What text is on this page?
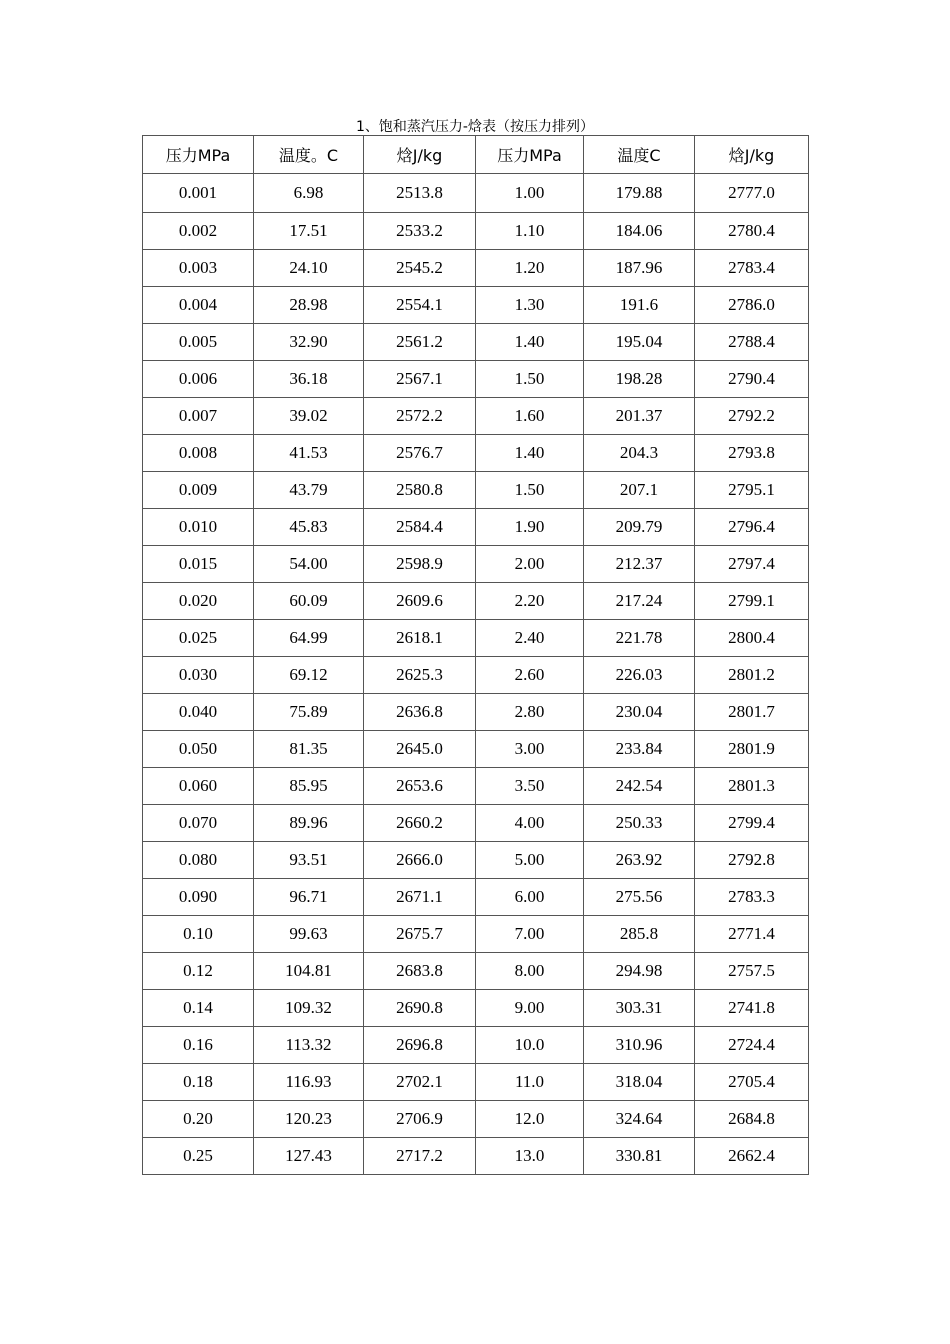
1、饱和蒸汽压力-焓表（按压力排列）
压力MPa	温度。C	焓J/kg	压力MPa	温度C	焓J/kg
0.001	6.98	2513.8	1.00	179.88	2777.0
0.002	17.51	2533.2	1.10	184.06	2780.4
0.003	24.10	2545.2	1.20	187.96	2783.4
0.004	28.98	2554.1	1.30	191.6	2786.0
0.005	32.90	2561.2	1.40	195.04	2788.4
0.006	36.18	2567.1	1.50	198.28	2790.4
0.007	39.02	2572.2	1.60	201.37	2792.2
0.008	41.53	2576.7	1.40	204.3	2793.8
0.009	43.79	2580.8	1.50	207.1	2795.1
0.010	45.83	2584.4	1.90	209.79	2796.4
0.015	54.00	2598.9	2.00	212.37	2797.4
0.020	60.09	2609.6	2.20	217.24	2799.1
0.025	64.99	2618.1	2.40	221.78	2800.4
0.030	69.12	2625.3	2.60	226.03	2801.2
0.040	75.89	2636.8	2.80	230.04	2801.7
0.050	81.35	2645.0	3.00	233.84	2801.9
0.060	85.95	2653.6	3.50	242.54	2801.3
0.070	89.96	2660.2	4.00	250.33	2799.4
0.080	93.51	2666.0	5.00	263.92	2792.8
0.090	96.71	2671.1	6.00	275.56	2783.3
0.10	99.63	2675.7	7.00	285.8	2771.4
0.12	104.81	2683.8	8.00	294.98	2757.5
0.14	109.32	2690.8	9.00	303.31	2741.8
0.16	113.32	2696.8	10.0	310.96	2724.4
0.18	116.93	2702.1	11.0	318.04	2705.4
0.20	120.23	2706.9	12.0	324.64	2684.8
0.25	127.43	2717.2	13.0	330.81	2662.4
